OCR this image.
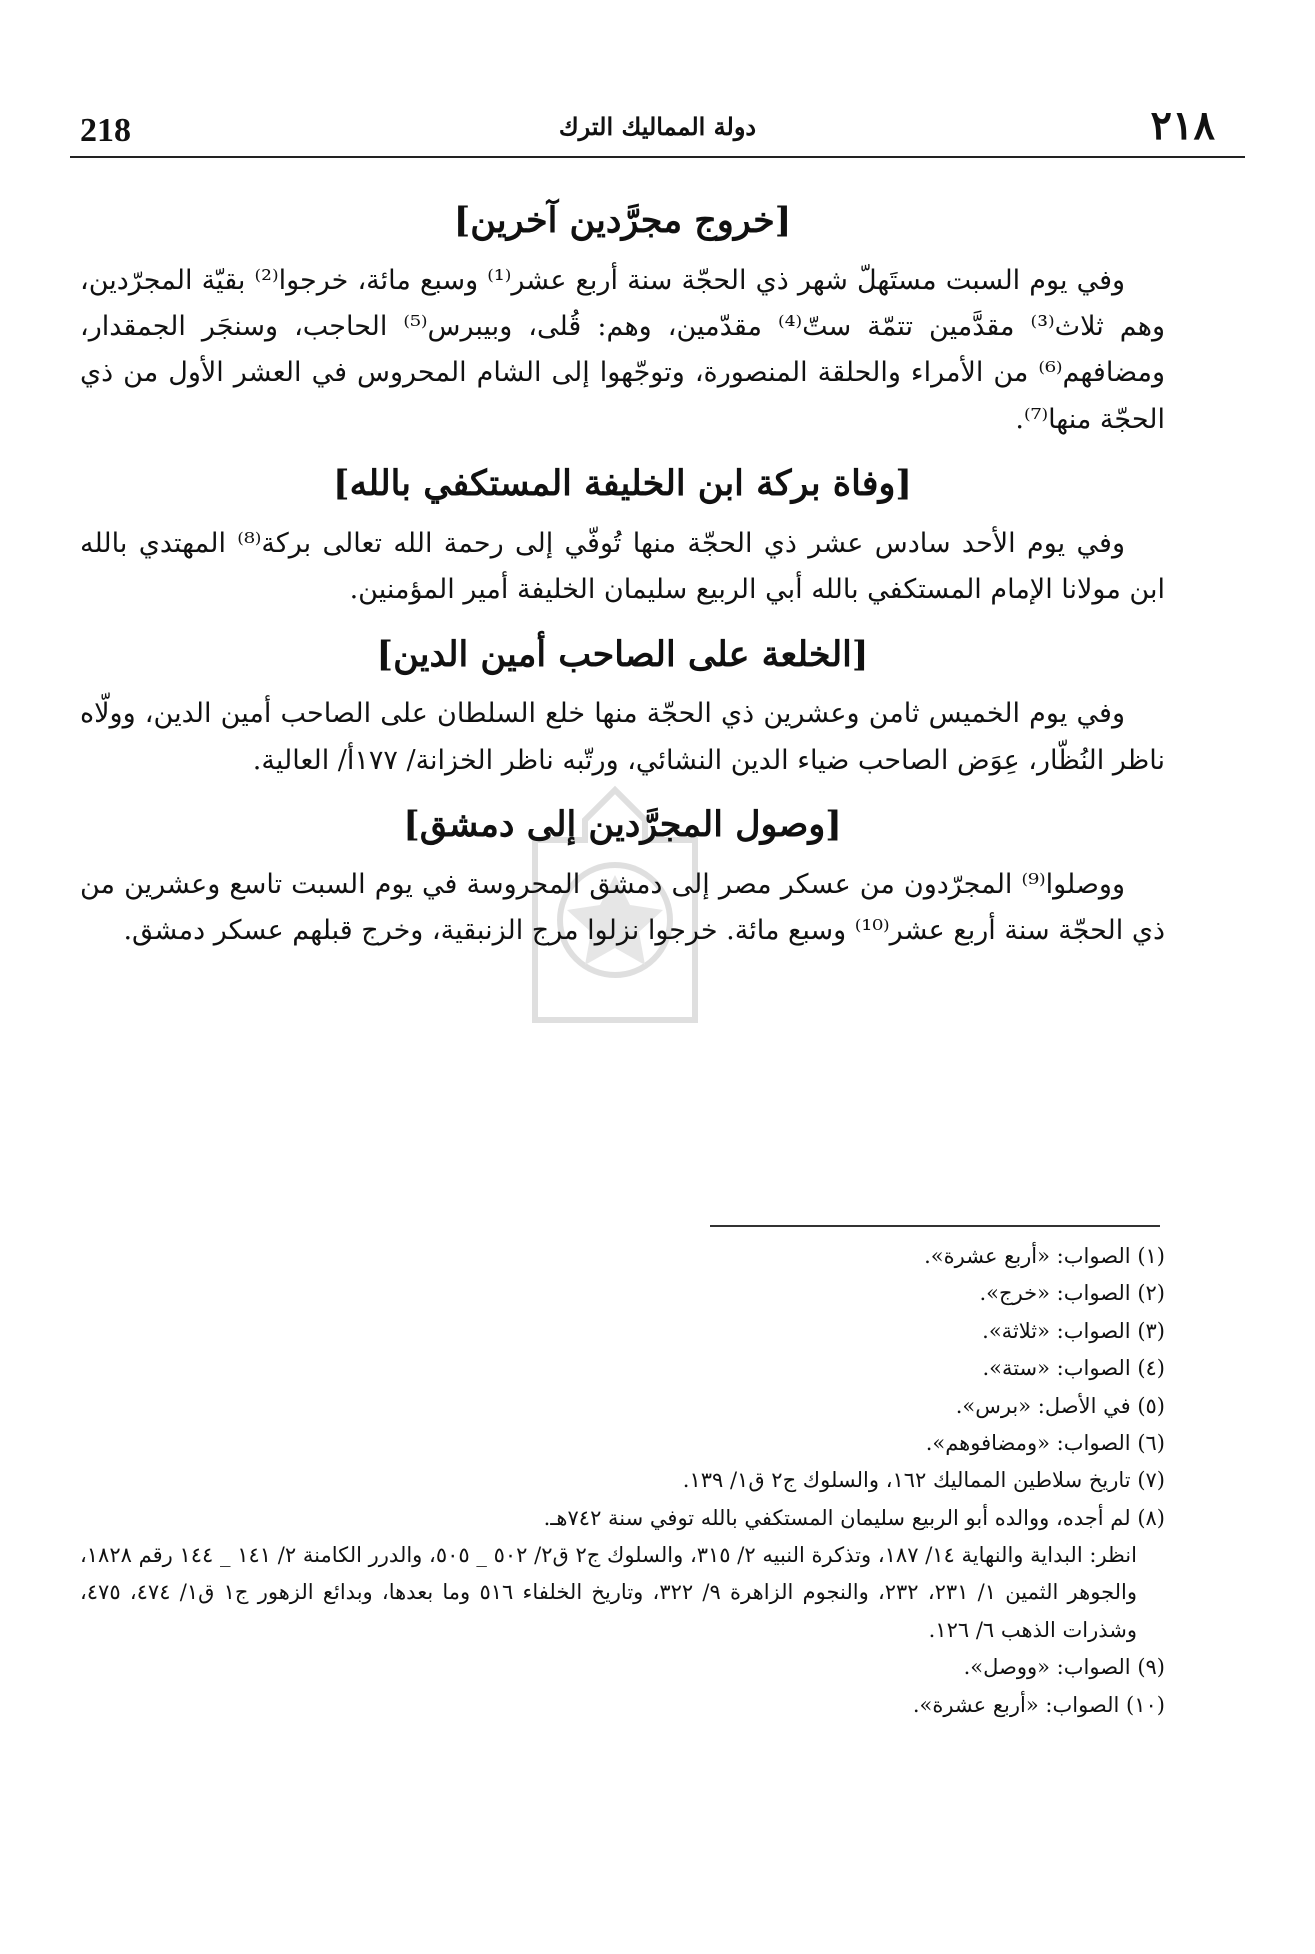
218	دولة المماليك الترك	٢١٨
[خروج مجرَّدين آخرين]

وفي يوم السبت مستَهلّ شهر ذي الحجّة سنة أربع عشر⁽¹⁾ وسبع مائة، خرجوا⁽²⁾ بقيّة المجرّدين، وهم ثلاث⁽³⁾ مقدَّمين تتمّة ستّ⁽⁴⁾ مقدّمين، وهم: قُلى، وبيبرس⁽⁵⁾ الحاجب، وسنجَر الجمقدار، ومضافهم⁽⁶⁾ من الأمراء والحلقة المنصورة، وتوجّهوا إلى الشام المحروس في العشر الأول من ذي الحجّة منها⁽⁷⁾.

[وفاة بركة ابن الخليفة المستكفي بالله]

وفي يوم الأحد سادس عشر ذي الحجّة منها تُوفّي إلى رحمة الله تعالى بركة⁽⁸⁾ المهتدي بالله ابن مولانا الإمام المستكفي بالله أبي الربيع سليمان الخليفة أمير المؤمنين.

[الخلعة على الصاحب أمين الدين]

وفي يوم الخميس ثامن وعشرين ذي الحجّة منها خلع السلطان على الصاحب أمين الدين، وولّاه ناظر النُظّار، عِوَض الصاحب ضياء الدين النشائي، ورتّبه ناظر الخزانة/ ١٧٧أ/ العالية.

[وصول المجرَّدين إلى دمشق]

ووصلوا⁽⁹⁾ المجرّدون من عسكر مصر إلى دمشق المحروسة في يوم السبت تاسع وعشرين من ذي الحجّة سنة أربع عشر⁽¹⁰⁾ وسبع مائة. خرجوا نزلوا مرج الزنبقية، وخرج قبلهم عسكر دمشق.

(١) الصواب: «أربع عشرة».

(٢) الصواب: «خرج».

(٣) الصواب: «ثلاثة».

(٤) الصواب: «ستة».

(٥) في الأصل: «برس».

(٦) الصواب: «ومضافوهم».

(٧) تاريخ سلاطين المماليك ١٦٢، والسلوك ج٢ ق١/ ١٣٩.

(٨) لم أجده، ووالده أبو الربيع سليمان المستكفي بالله توفي سنة ٧٤٢هـ.

انظر: البداية والنهاية ١٤/ ١٨٧، وتذكرة النبيه ٢/ ٣١٥، والسلوك ج٢ ق٢/ ٥٠٢ _ ٥٠٥، والدرر الكامنة ٢/ ١٤١ _ ١٤٤ رقم ١٨٢٨، والجوهر الثمين ١/ ٢٣١، ٢٣٢، والنجوم الزاهرة ٩/ ٣٢٢، وتاريخ الخلفاء ٥١٦ وما بعدها، وبدائع الزهور ج١ ق١/ ٤٧٤، ٤٧٥، وشذرات الذهب ٦/ ١٢٦.

(٩) الصواب: «ووصل».

(١٠) الصواب: «أربع عشرة».
